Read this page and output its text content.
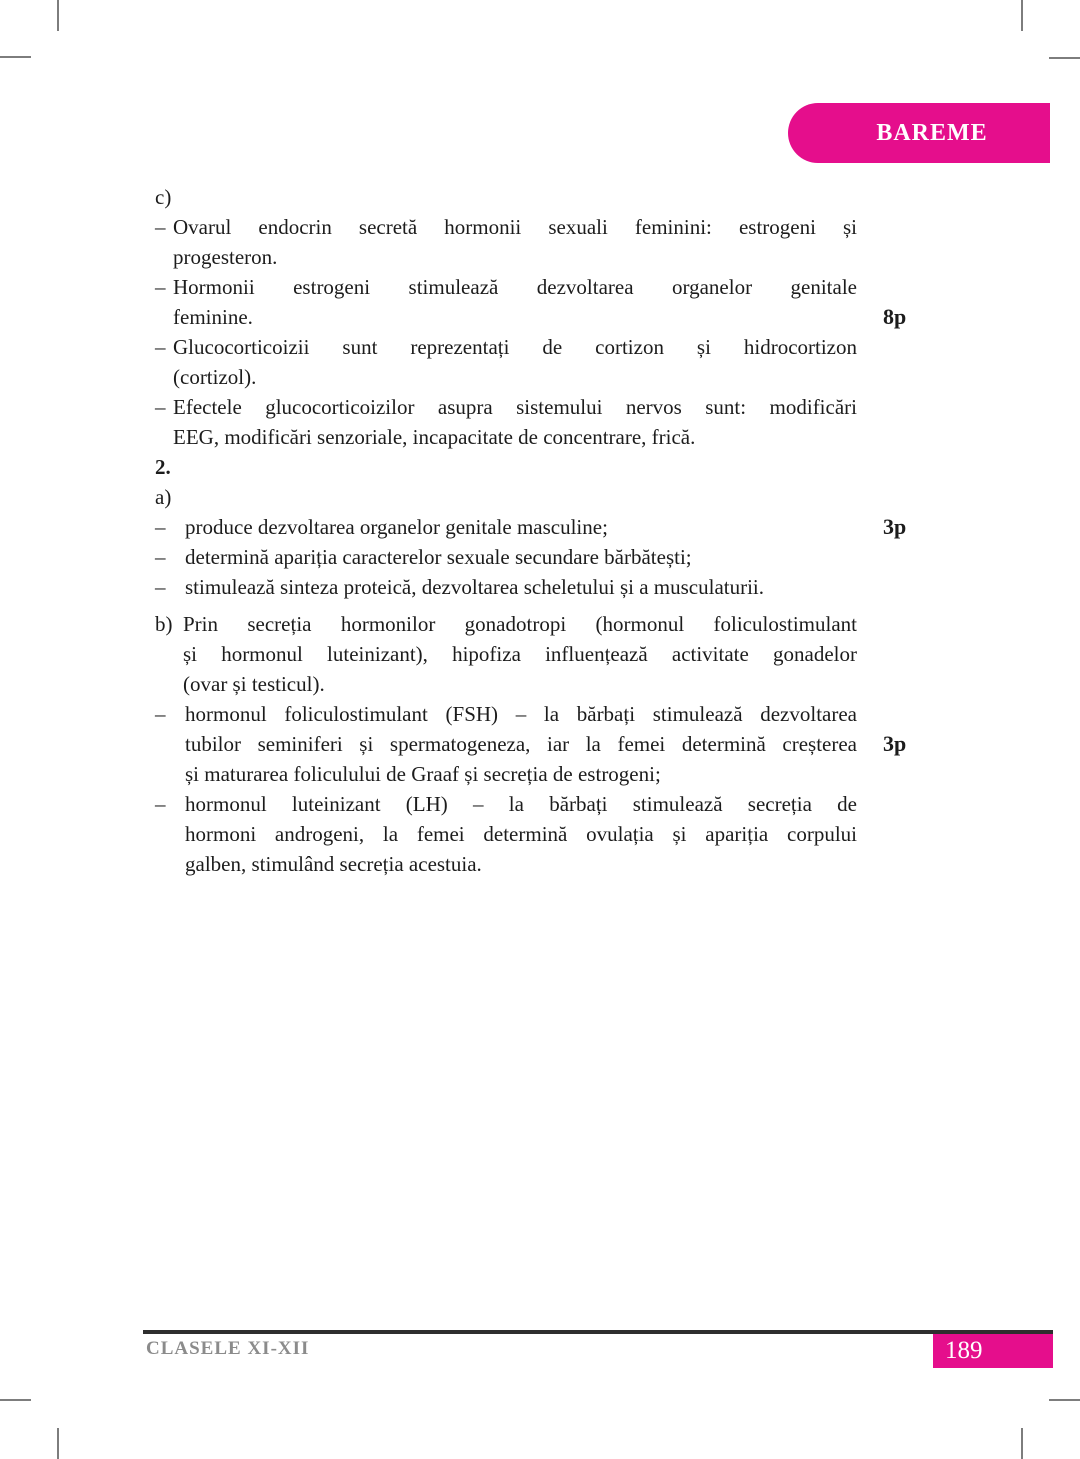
BAREME
c)
– Ovarul endocrin secretă hormonii sexuali feminini: estrogeni și
progesteron.
– Hormonii estrogeni stimulează dezvoltarea organelor genitale
feminine.	8p
– Glucocorticoizii sunt reprezentați de cortizon și hidrocortizon
(cortizol).
– Efectele glucocorticoizilor asupra sistemului nervos sunt: modificări
EEG, modificări senzoriale, incapacitate de concentrare, frică.
2.
a)
– produce dezvoltarea organelor genitale masculine;	3p
– determină apariția caracterelor sexuale secundare bărbătești;
– stimulează sinteza proteică, dezvoltarea scheletului și a musculaturii.
b) Prin secreția hormonilor gonadotropi (hormonul foliculostimulant
și hormonul luteinizant), hipofiza influențează activitate gonadelor
(ovar și testicul).
– hormonul foliculostimulant (FSH) – la bărbați stimulează dezvoltarea
tubilor seminiferi și spermatogeneza, iar la femei determină creșterea
și maturarea foliculului de Graaf și secreția de estrogeni;
3p
– hormonul luteinizant (LH) – la bărbați stimulează secreția de
hormoni androgeni, la femei determină ovulația și apariția corpului
galben, stimulând secreția acestuia.
CLASELE XI-XII	189
